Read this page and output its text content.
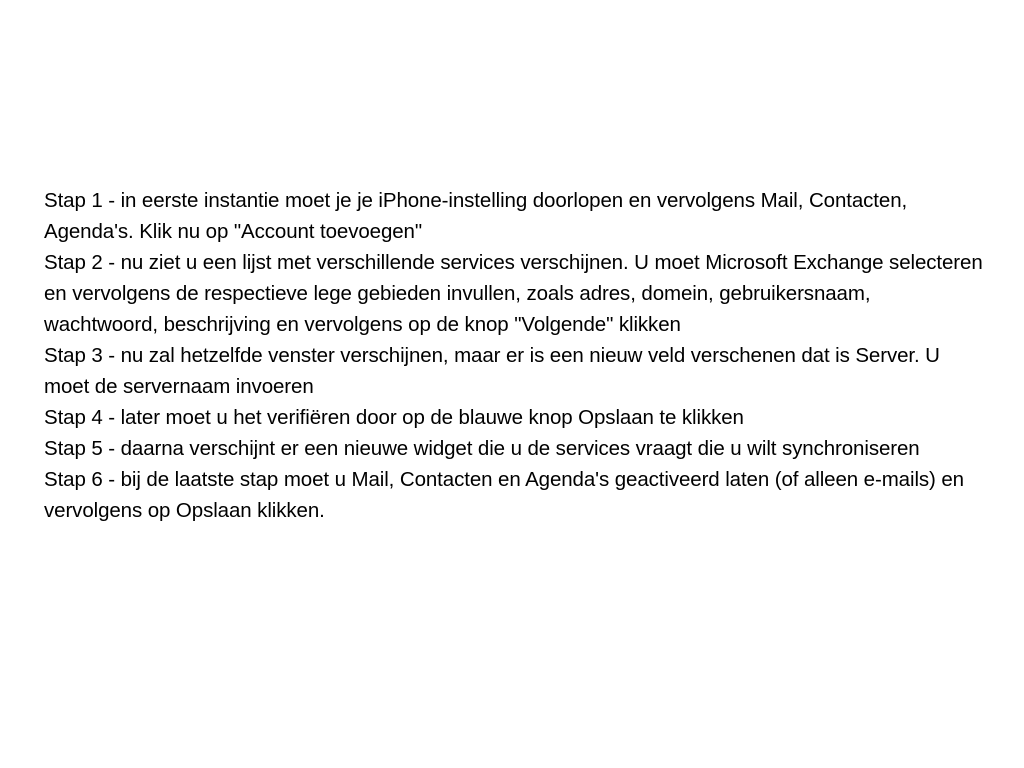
Stap 1 - in eerste instantie moet je je iPhone-instelling doorlopen en vervolgens Mail, Contacten, Agenda's. Klik nu op "Account toevoegen"

Stap 2 - nu ziet u een lijst met verschillende services verschijnen. U moet Microsoft Exchange selecteren en vervolgens de respectieve lege gebieden invullen, zoals adres, domein, gebruikersnaam, wachtwoord, beschrijving en vervolgens op de knop "Volgende" klikken

Stap 3 - nu zal hetzelfde venster verschijnen, maar er is een nieuw veld verschenen dat is Server. U moet de servernaam invoeren

Stap 4 - later moet u het verifiëren door op de blauwe knop Opslaan te klikken

Stap 5 - daarna verschijnt er een nieuwe widget die u de services vraagt die u wilt synchroniseren

Stap 6 - bij de laatste stap moet u Mail, Contacten en Agenda's geactiveerd laten (of alleen e-mails) en vervolgens op Opslaan klikken.
